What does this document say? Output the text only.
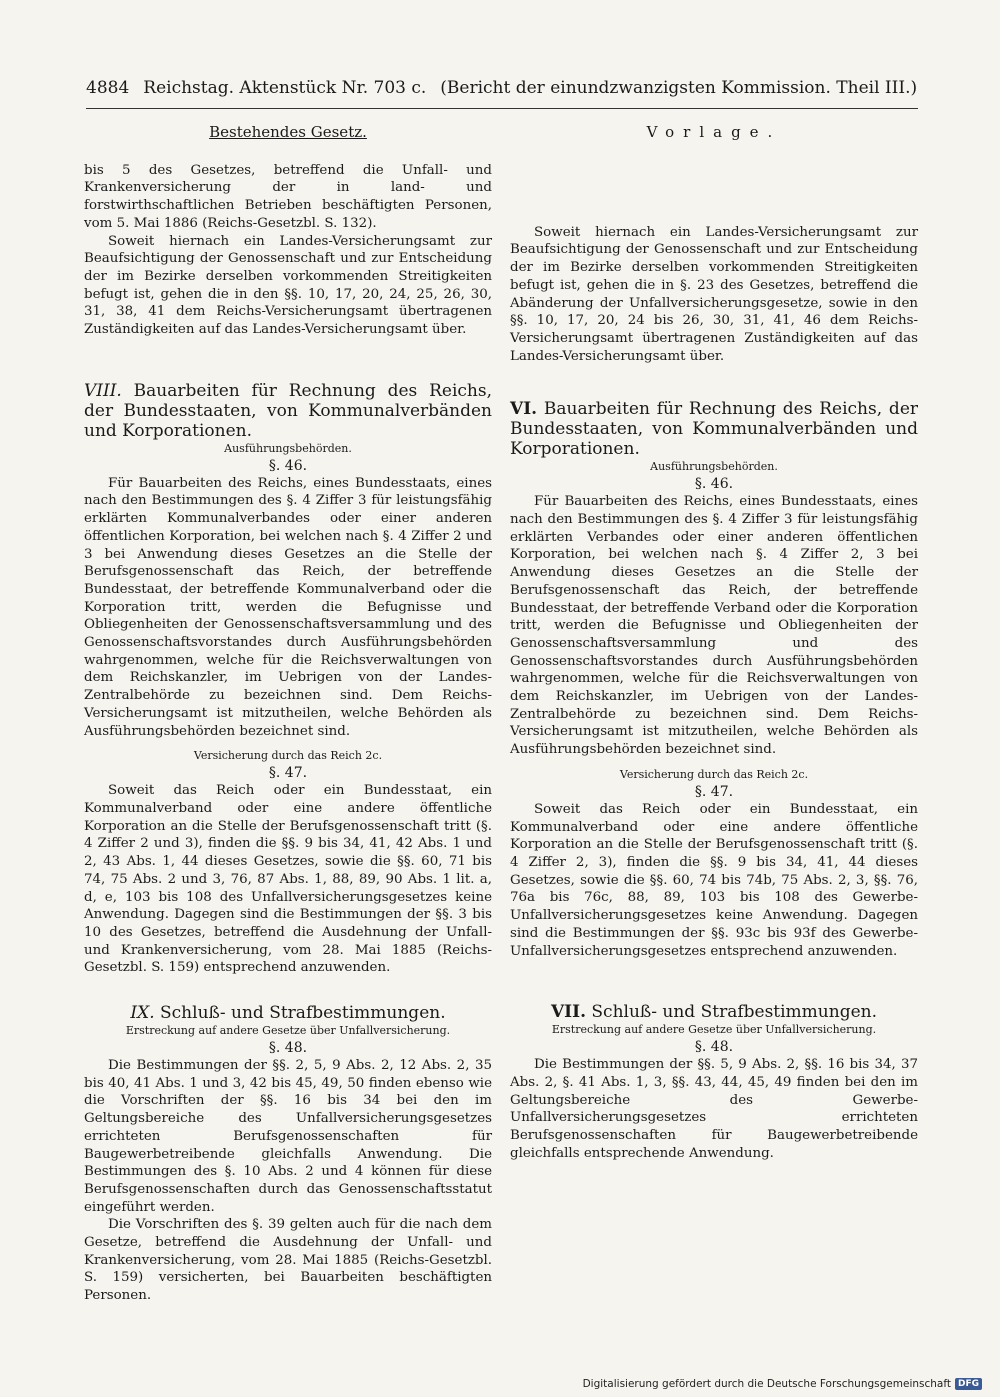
4884 Reichstag. Aktenstück Nr. 703 c. (Bericht der einundzwanzigsten Kommission. Theil III.)
Bestehendes Gesetz.

bis 5 des Gesetzes, betreffend die Unfall- und Krankenversicherung der in land- und forstwirthschaftlichen Betrieben beschäftigten Personen, vom 5. Mai 1886 (Reichs-Gesetzbl. S. 132).

Soweit hiernach ein Landes-Versicherungsamt zur Beaufsichtigung der Genossenschaft und zur Entscheidung der im Bezirke derselben vorkommenden Streitigkeiten befugt ist, gehen die in den §§. 10, 17, 20, 24, 25, 26, 30, 31, 38, 41 dem Reichs-Versicherungsamt übertragenen Zuständigkeiten auf das Landes-Versicherungsamt über.

VIII. Bauarbeiten für Rechnung des Reichs, der Bundesstaaten, von Kommunalverbänden und Korporationen.
Ausführungsbehörden.
§. 46.

Für Bauarbeiten des Reichs, eines Bundesstaats, eines nach den Bestimmungen des §. 4 Ziffer 3 für leistungsfähig erklärten Kommunalverbandes oder einer anderen öffentlichen Korporation, bei welchen nach §. 4 Ziffer 2 und 3 bei Anwendung dieses Gesetzes an die Stelle der Berufsgenossenschaft das Reich, der betreffende Bundesstaat, der betreffende Kommunalverband oder die Korporation tritt, werden die Befugnisse und Obliegenheiten der Genossenschaftsversammlung und des Genossenschaftsvorstandes durch Ausführungsbehörden wahrgenommen, welche für die Reichsverwaltungen von dem Reichskanzler, im Uebrigen von der Landes-Zentralbehörde zu bezeichnen sind. Dem Reichs-Versicherungsamt ist mitzutheilen, welche Behörden als Ausführungsbehörden bezeichnet sind.

Versicherung durch das Reich 2c.
§. 47.

Soweit das Reich oder ein Bundesstaat, ein Kommunalverband oder eine andere öffentliche Korporation an die Stelle der Berufsgenossenschaft tritt (§. 4 Ziffer 2 und 3), finden die §§. 9 bis 34, 41, 42 Abs. 1 und 2, 43 Abs. 1, 44 dieses Gesetzes, sowie die §§. 60, 71 bis 74, 75 Abs. 2 und 3, 76, 87 Abs. 1, 88, 89, 90 Abs. 1 lit. a, d, e, 103 bis 108 des Unfallversicherungsgesetzes keine Anwendung. Dagegen sind die Bestimmungen der §§. 3 bis 10 des Gesetzes, betreffend die Ausdehnung der Unfall- und Krankenversicherung, vom 28. Mai 1885 (Reichs-Gesetzbl. S. 159) entsprechend anzuwenden.

IX. Schluß- und Strafbestimmungen.
Erstreckung auf andere Gesetze über Unfallversicherung.
§. 48.

Die Bestimmungen der §§. 2, 5, 9 Abs. 2, 12 Abs. 2, 35 bis 40, 41 Abs. 1 und 3, 42 bis 45, 49, 50 finden ebenso wie die Vorschriften der §§. 16 bis 34 bei den im Geltungsbereiche des Unfallversicherungsgesetzes errichteten Berufsgenossenschaften für Baugewerbetreibende gleichfalls Anwendung. Die Bestimmungen des §. 10 Abs. 2 und 4 können für diese Berufsgenossenschaften durch das Genossenschaftsstatut eingeführt werden.

Die Vorschriften des §. 39 gelten auch für die nach dem Gesetze, betreffend die Ausdehnung der Unfall- und Krankenversicherung, vom 28. Mai 1885 (Reichs-Gesetzbl. S. 159) versicherten, bei Bauarbeiten beschäftigten Personen.

Vorlage.

Soweit hiernach ein Landes-Versicherungsamt zur Beaufsichtigung der Genossenschaft und zur Entscheidung der im Bezirke derselben vorkommenden Streitigkeiten befugt ist, gehen die in §. 23 des Gesetzes, betreffend die Abänderung der Unfallversicherungsgesetze, sowie in den §§. 10, 17, 20, 24 bis 26, 30, 31, 41, 46 dem Reichs-Versicherungsamt übertragenen Zuständigkeiten auf das Landes-Versicherungsamt über.

VI. Bauarbeiten für Rechnung des Reichs, der Bundesstaaten, von Kommunalverbänden und Korporationen.
Ausführungsbehörden.
§. 46.

Für Bauarbeiten des Reichs, eines Bundesstaats, eines nach den Bestimmungen des §. 4 Ziffer 3 für leistungsfähig erklärten Verbandes oder einer anderen öffentlichen Korporation, bei welchen nach §. 4 Ziffer 2, 3 bei Anwendung dieses Gesetzes an die Stelle der Berufsgenossenschaft das Reich, der betreffende Bundesstaat, der betreffende Verband oder die Korporation tritt, werden die Befugnisse und Obliegenheiten der Genossenschaftsversammlung und des Genossenschaftsvorstandes durch Ausführungsbehörden wahrgenommen, welche für die Reichsverwaltungen von dem Reichskanzler, im Uebrigen von der Landes-Zentralbehörde zu bezeichnen sind. Dem Reichs-Versicherungsamt ist mitzutheilen, welche Behörden als Ausführungsbehörden bezeichnet sind.

Versicherung durch das Reich 2c.
§. 47.

Soweit das Reich oder ein Bundesstaat, ein Kommunalverband oder eine andere öffentliche Korporation an die Stelle der Berufsgenossenschaft tritt (§. 4 Ziffer 2, 3), finden die §§. 9 bis 34, 41, 44 dieses Gesetzes, sowie die §§. 60, 74 bis 74b, 75 Abs. 2, 3, §§. 76, 76a bis 76c, 88, 89, 103 bis 108 des Gewerbe-Unfallversicherungsgesetzes keine Anwendung. Dagegen sind die Bestimmungen der §§. 93c bis 93f des Gewerbe-Unfallversicherungsgesetzes entsprechend anzuwenden.

VII. Schluß- und Strafbestimmungen.
Erstreckung auf andere Gesetze über Unfallversicherung.
§. 48.

Die Bestimmungen der §§. 5, 9 Abs. 2, §§. 16 bis 34, 37 Abs. 2, §. 41 Abs. 1, 3, §§. 43, 44, 45, 49 finden bei den im Geltungsbereiche des Gewerbe-Unfallversicherungsgesetzes errichteten Berufsgenossenschaften für Baugewerbetreibende gleichfalls entsprechende Anwendung.

Digitalisierung gefördert durch die Deutsche Forschungsgemeinschaft DFG
